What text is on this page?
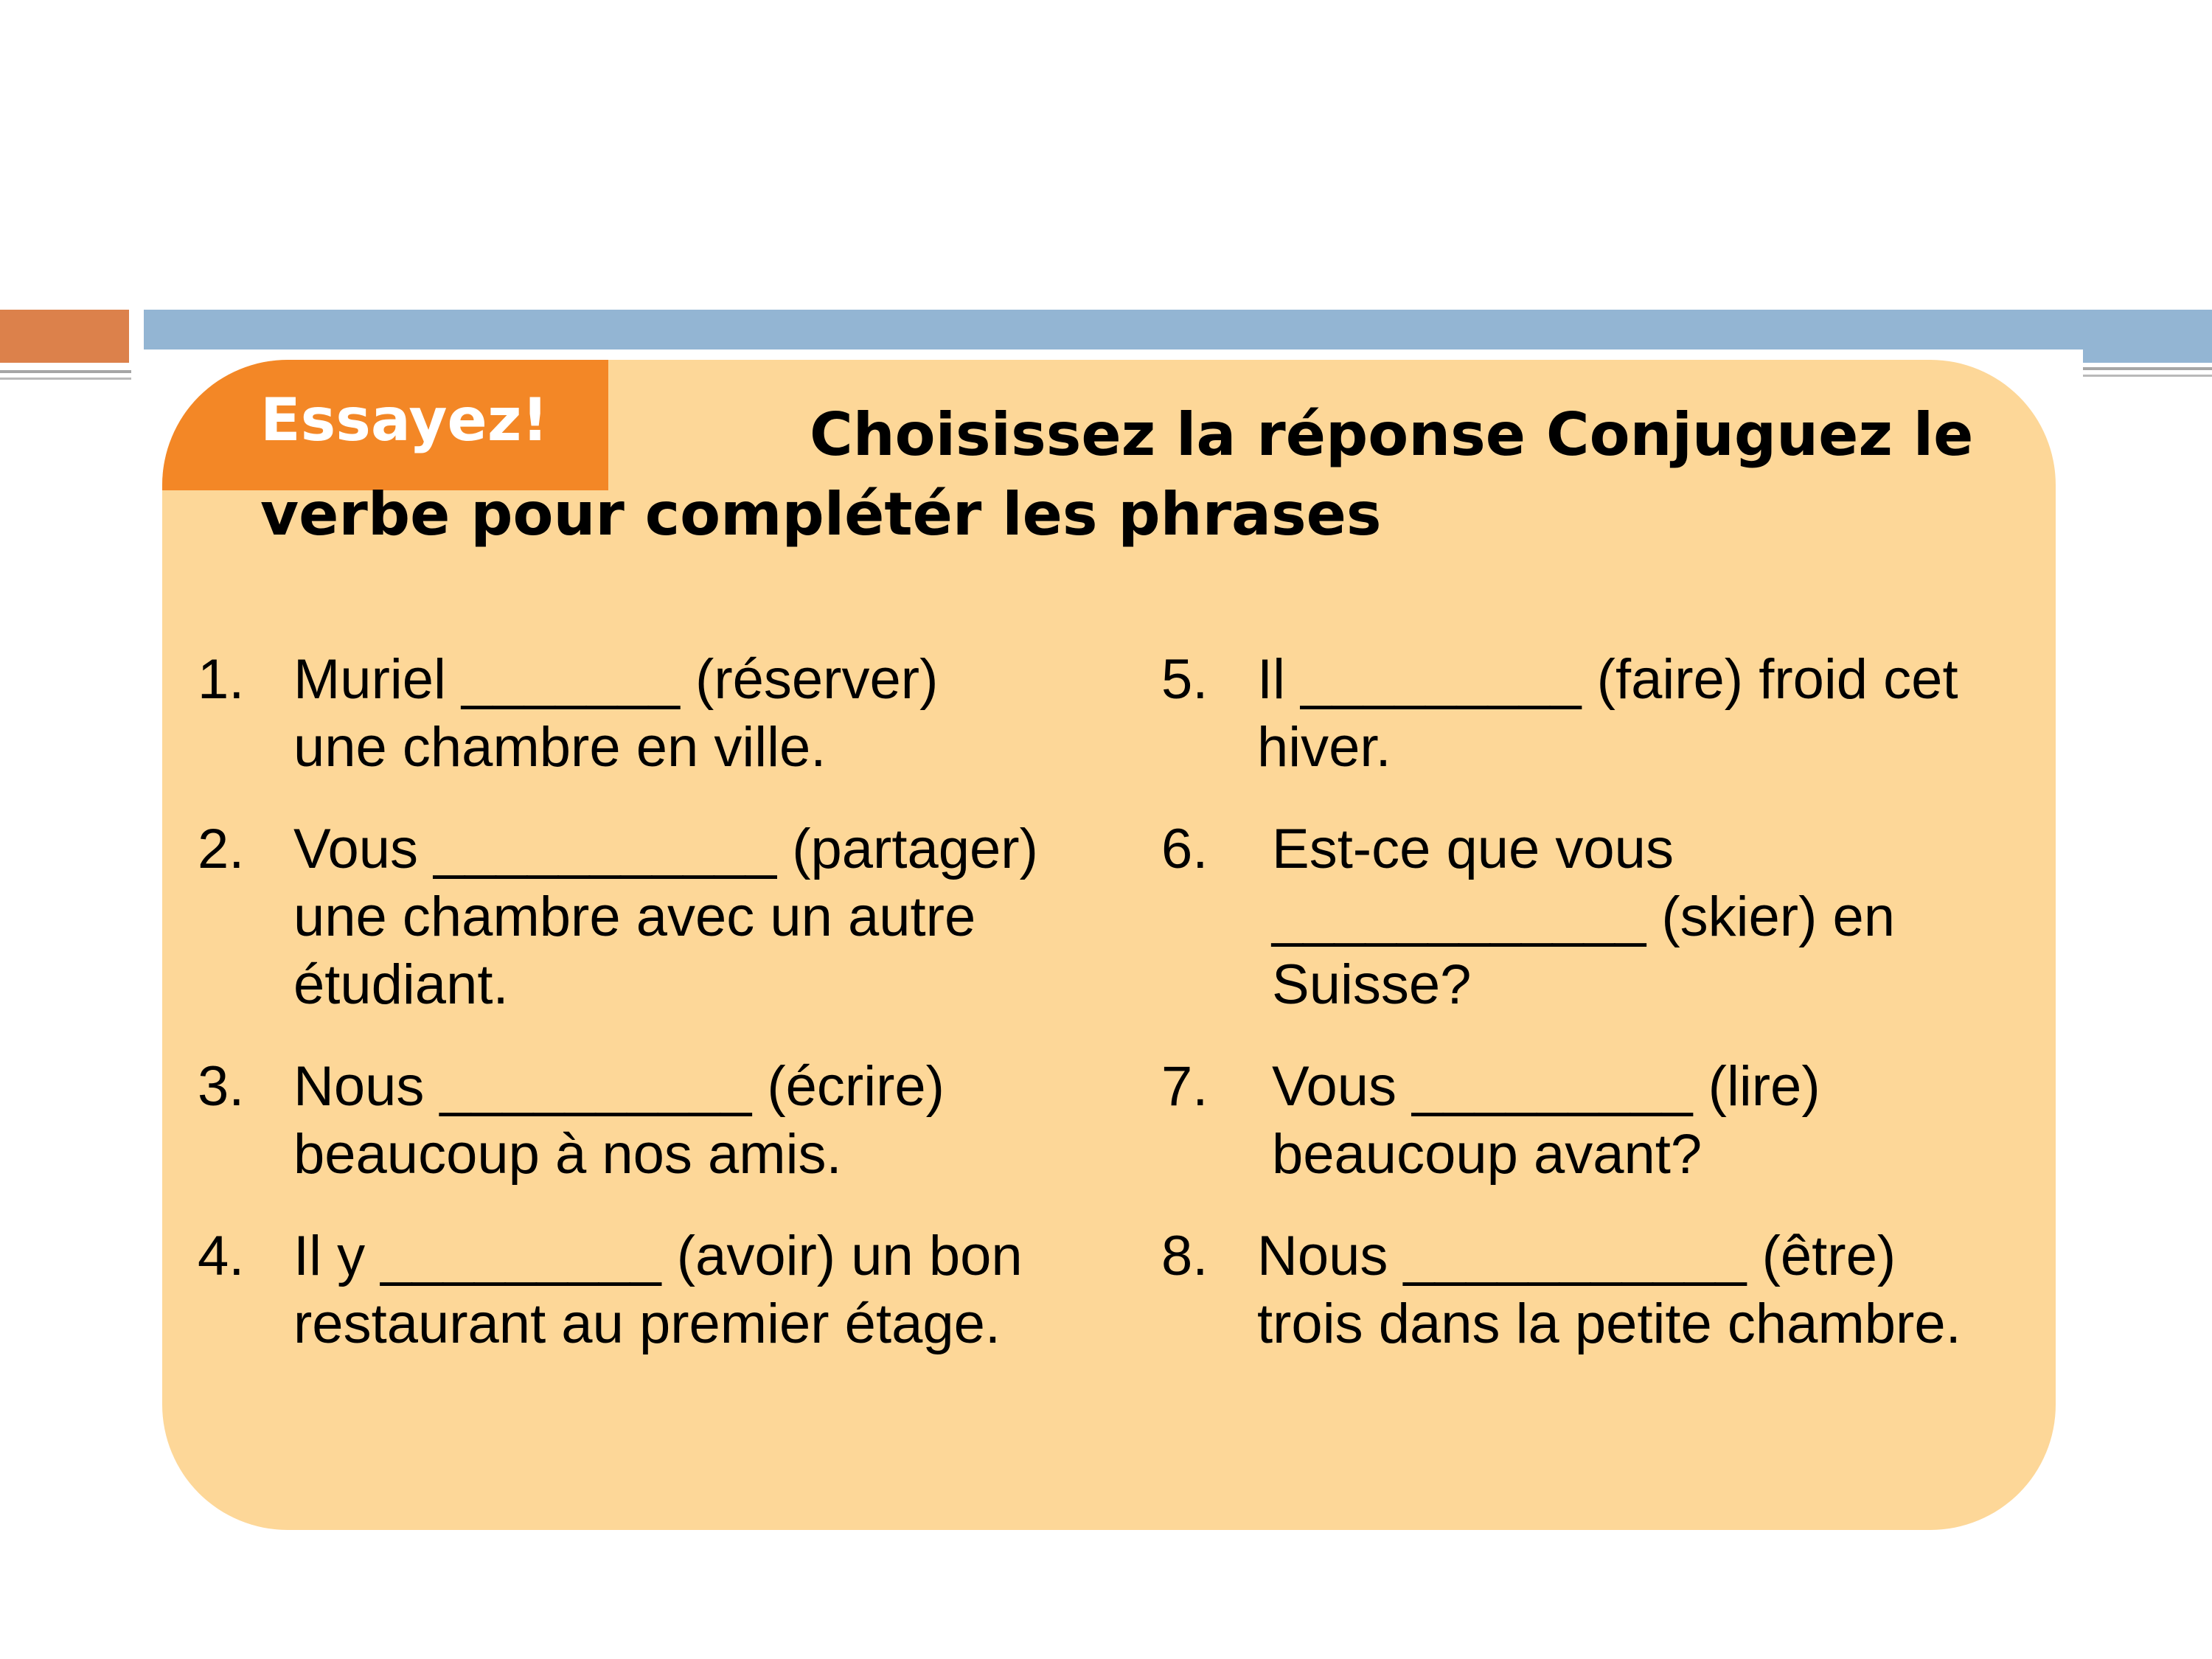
Essayez!	Choisissez la réponse Conjuguez le
verbe pour complétér les phrases
1. Muriel _______ (réserver)
une chambre en ville.
2. Vous ___________ (partager)
une chambre avec un autre
étudiant.
3. Nous __________ (écrire)
beaucoup à nos amis.
4. Il y _________ (avoir) un bon
restaurant au premier étage.
5. Il _________ (faire) froid cet
hiver.
6. Est-ce que vous
____________ (skier) en
Suisse?
7. Vous _________ (lire)
beaucoup avant?
8. Nous ___________ (être)
trois dans la petite chambre.
